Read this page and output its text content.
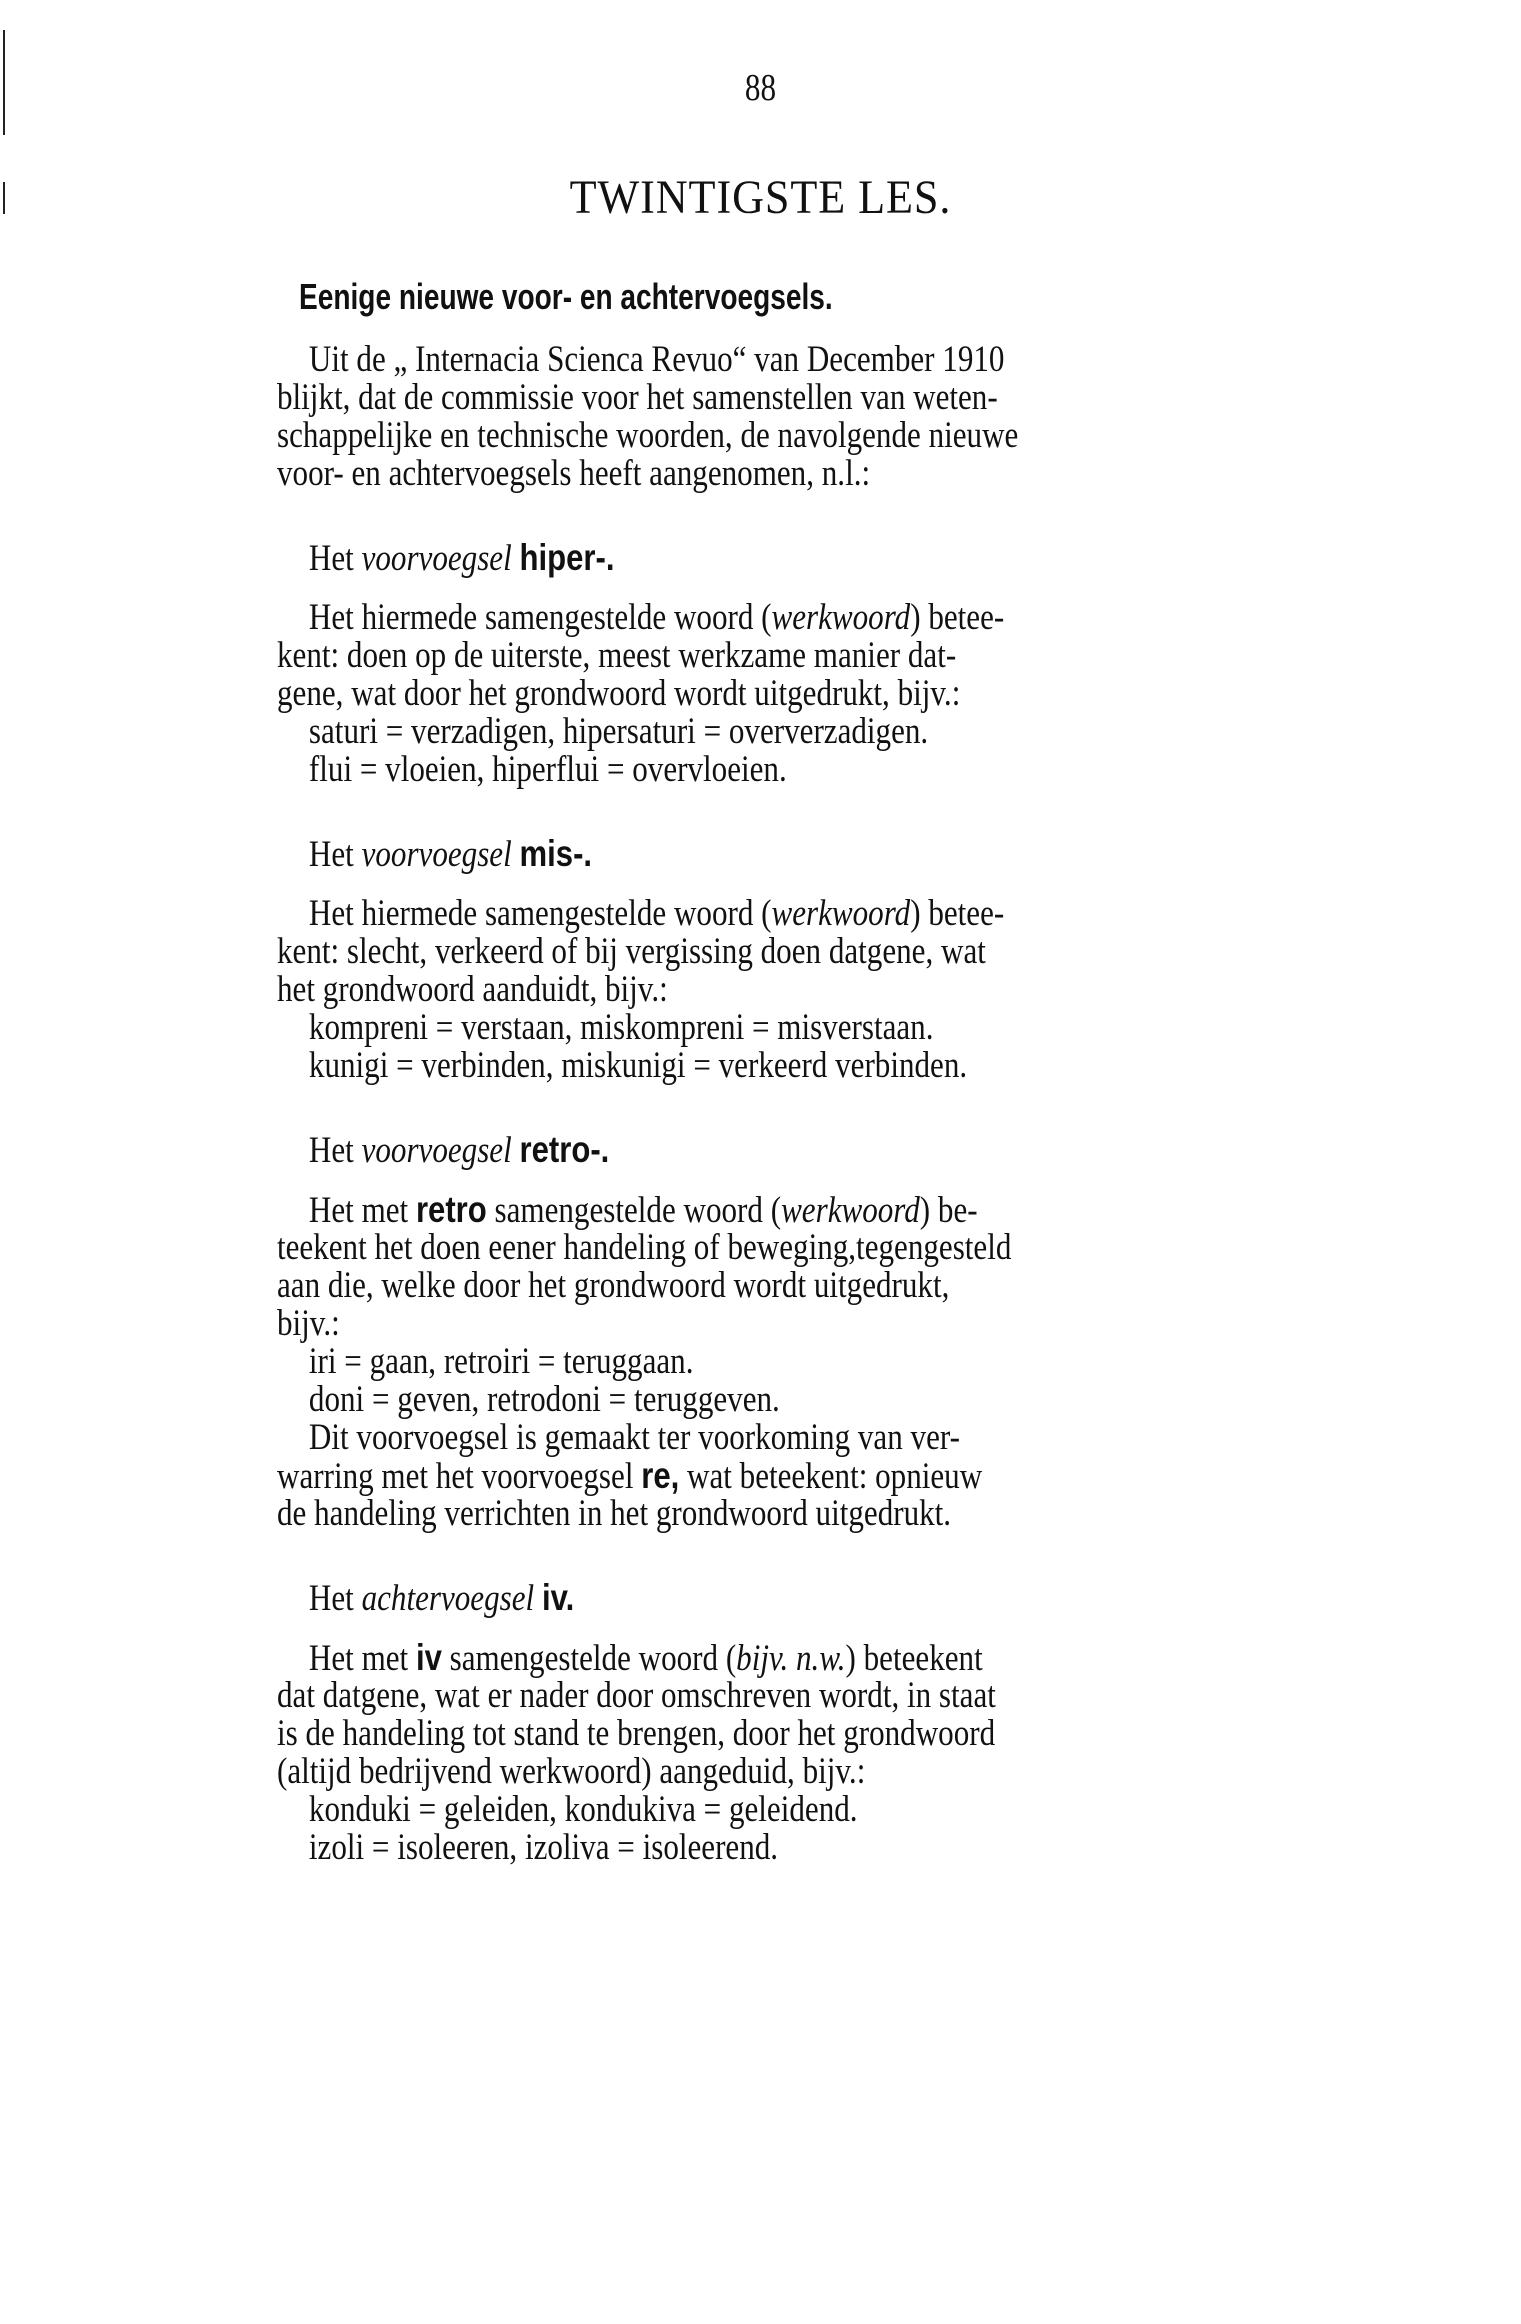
88
TWINTIGSTE LES.
Eenige nieuwe voor- en achtervoegsels.
Uit de „ Internacia Scienca Revuo“ van December 1910 blijkt, dat de commissie voor het samenstellen van weten- schappelijke en technische woorden, de navolgende nieuwe voor- en achtervoegsels heeft aangenomen, n.l.:
Het voorvoegsel hiper-.
Het hiermede samengestelde woord (werkwoord) betee- kent: doen op de uiterste, meest werkzame manier dat- gene, wat door het grondwoord wordt uitgedrukt, bijv.: saturi = verzadigen, hipersaturi = oververzadigen. flui = vloeien, hiperflui = overvloeien.
Het voorvoegsel mis-.
Het hiermede samengestelde woord (werkwoord) betee- kent: slecht, verkeerd of bij vergissing doen datgene, wat het grondwoord aanduidt, bijv.: kompreni = verstaan, miskompreni = misverstaan. kunigi = verbinden, miskunigi = verkeerd verbinden.
Het voorvoegsel retro-.
Het met retro samengestelde woord (werkwoord) be- teekent het doen eener handeling of beweging,tegengesteld aan die, welke door het grondwoord wordt uitgedrukt, bijv.: iri = gaan, retroiri = teruggaan. doni = geven, retrodoni = teruggeven. Dit voorvoegsel is gemaakt ter voorkoming van ver- warring met het voorvoegsel re, wat beteekent: opnieuw de handeling verrichten in het grondwoord uitgedrukt.
Het achtervoegsel iv.
Het met iv samengestelde woord (bijv. n.w.) beteekent dat datgene, wat er nader door omschreven wordt, in staat is de handeling tot stand te brengen, door het grondwoord (altijd bedrijvend werkwoord) aangeduid, bijv.: konduki = geleiden, kondukiva = geleidend. izoli = isoleeren, izoliva = isoleerend.
